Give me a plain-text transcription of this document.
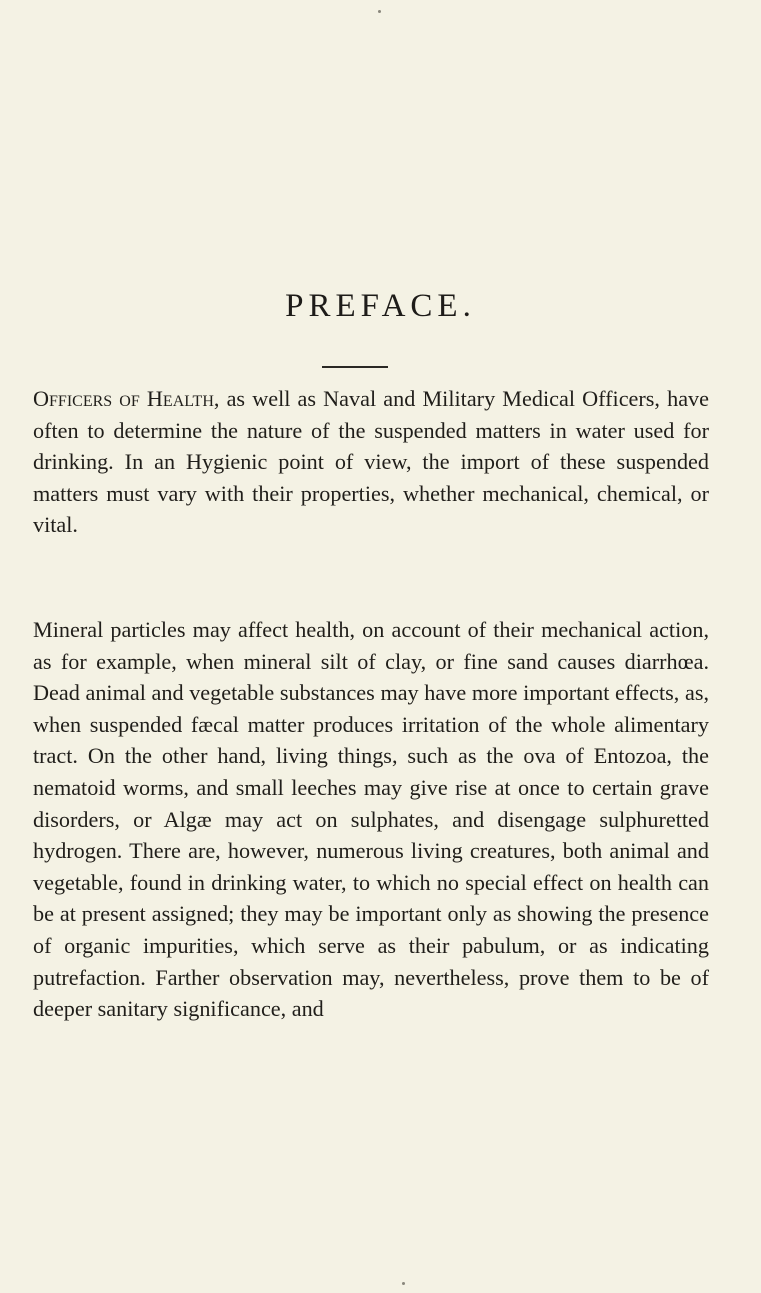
PREFACE.

Officers of Health, as well as Naval and Military Medical Officers, have often to determine the nature of the suspended matters in water used for drinking. In an Hygienic point of view, the import of these suspended matters must vary with their properties, whether mechanical, chemical, or vital.

Mineral particles may affect health, on account of their mechanical action, as for example, when mineral silt of clay, or fine sand causes diarrhœa. Dead animal and vegetable substances may have more important effects, as, when suspended fæcal matter produces irritation of the whole alimentary tract. On the other hand, living things, such as the ova of Entozoa, the nematoid worms, and small leeches may give rise at once to certain grave disorders, or Algæ may act on sulphates, and disengage sulphuretted hydrogen. There are, however, numerous living creatures, both animal and vegetable, found in drinking water, to which no special effect on health can be at present assigned; they may be important only as showing the presence of organic impurities, which serve as their pabulum, or as indicating putrefaction. Farther observation may, nevertheless, prove them to be of deeper sanitary significance, and
